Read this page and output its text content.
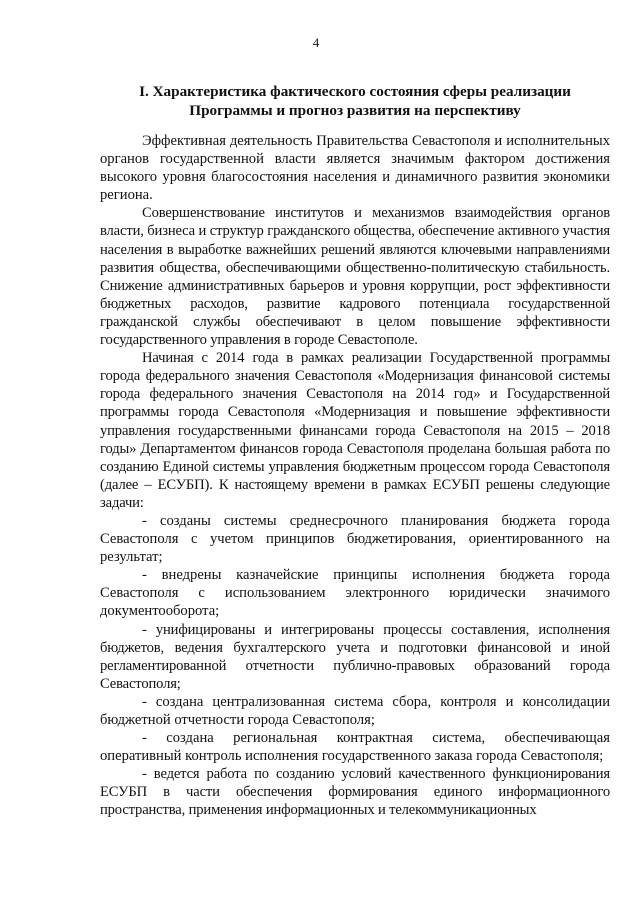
4
I. Характеристика фактического состояния сферы реализации
Программы и прогноз развития на перспективу

Эффективная деятельность Правительства Севастополя и исполнительных органов государственной власти является значимым фактором достижения высокого уровня благосостояния населения и динамичного развития экономики региона.

Совершенствование институтов и механизмов взаимодействия органов власти, бизнеса и структур гражданского общества, обеспечение активного участия населения в выработке важнейших решений являются ключевыми направлениями развития общества, обеспечивающими общественно-политическую стабильность. Снижение административных барьеров и уровня коррупции, рост эффективности бюджетных расходов, развитие кадрового потенциала государственной гражданской службы обеспечивают в целом повышение эффективности государственного управления в городе Севастополе.

Начиная с 2014 года в рамках реализации Государственной программы города федерального значения Севастополя «Модернизация финансовой системы города федерального значения Севастополя на 2014 год» и Государственной программы города Севастополя «Модернизация и повышение эффективности управления государственными финансами города Севастополя на 2015 – 2018 годы» Департаментом финансов города Севастополя проделана большая работа по созданию Единой системы управления бюджетным процессом города Севастополя (далее – ЕСУБП). К настоящему времени в рамках ЕСУБП решены следующие задачи:

- созданы системы среднесрочного планирования бюджета города Севастополя с учетом принципов бюджетирования, ориентированного на результат;

- внедрены казначейские принципы исполнения бюджета города Севастополя с использованием электронного юридически значимого документооборота;

- унифицированы и интегрированы процессы составления, исполнения бюджетов, ведения бухгалтерского учета и подготовки финансовой и иной регламентированной отчетности публично-правовых образований города Севастополя;

- создана централизованная система сбора, контроля и консолидации бюджетной отчетности города Севастополя;

- создана региональная контрактная система, обеспечивающая оперативный контроль исполнения государственного заказа города Севастополя;

- ведется работа по созданию условий качественного функционирования ЕСУБП в части обеспечения формирования единого информационного пространства, применения информационных и телекоммуникационных
